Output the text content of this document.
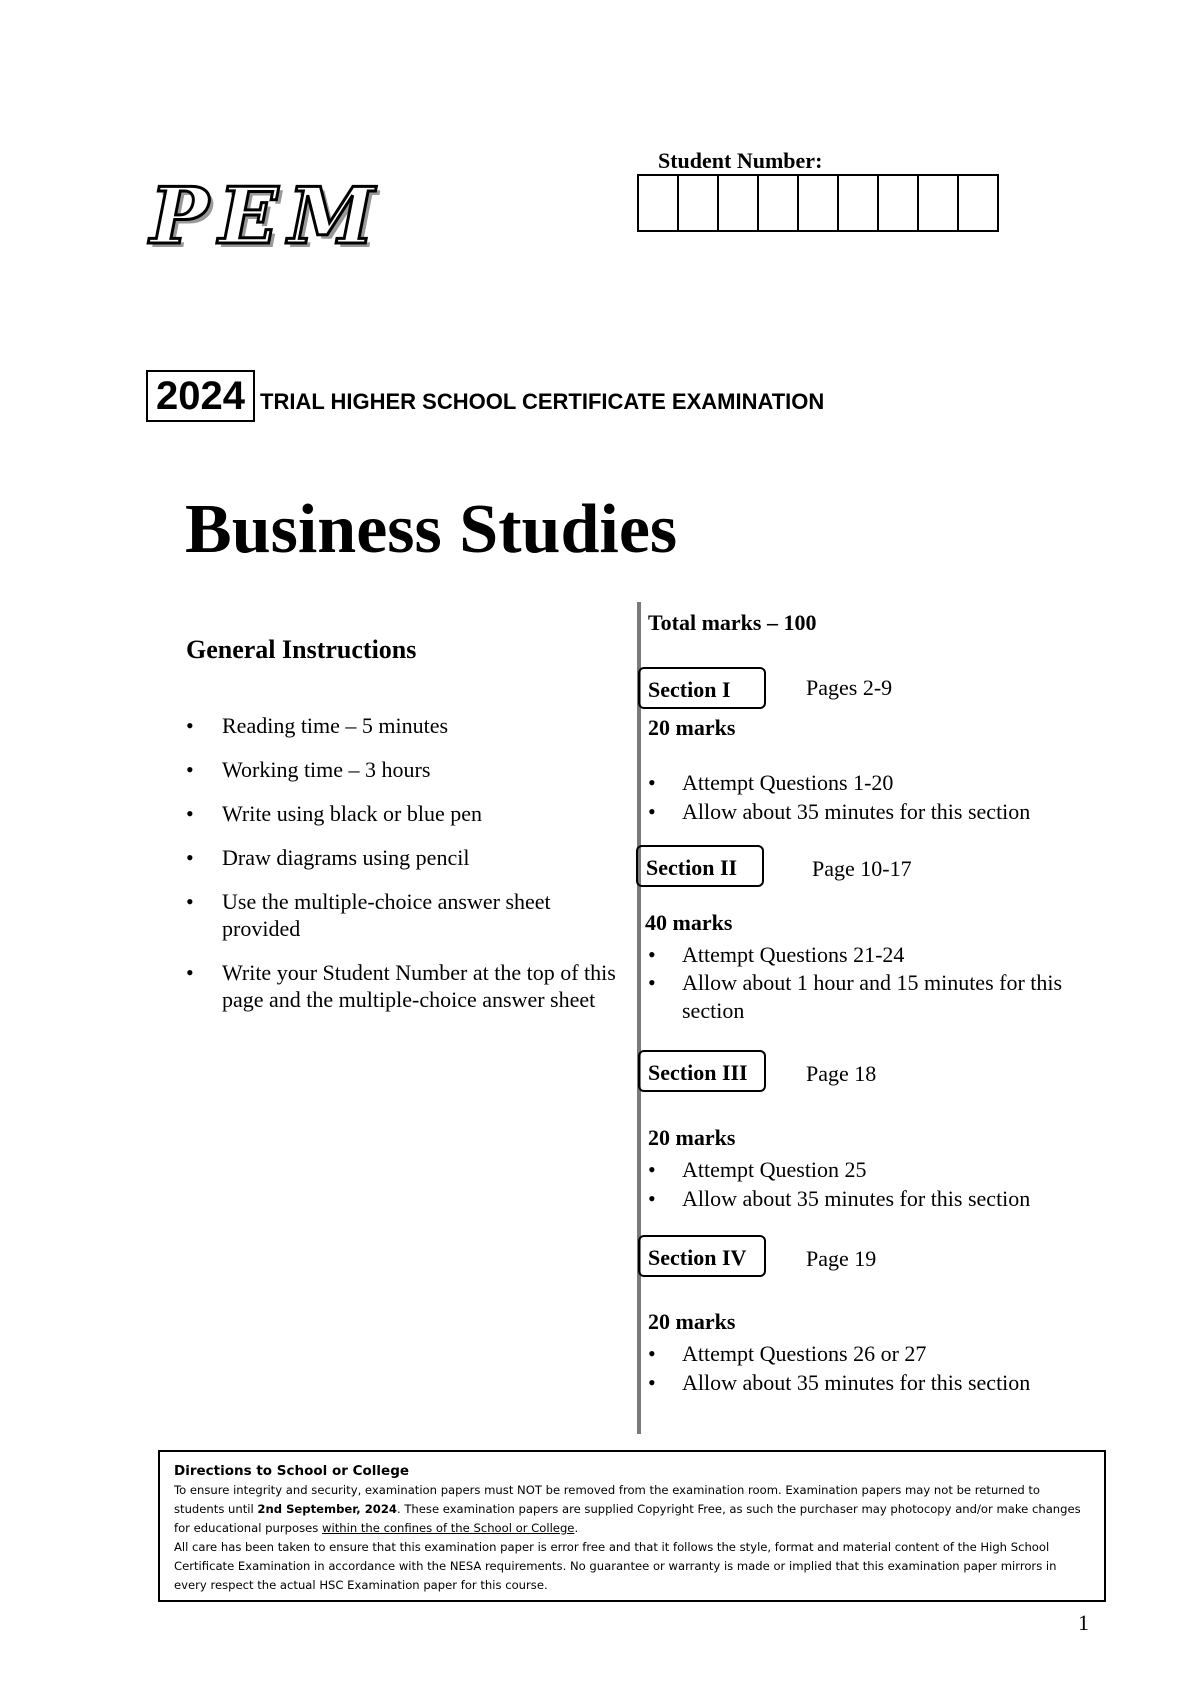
PEM
Student Number:
2024 TRIAL HIGHER SCHOOL CERTIFICATE EXAMINATION
Business Studies
General Instructions
• Reading time – 5 minutes
• Working time – 3 hours
• Write using black or blue pen
• Draw diagrams using pencil
• Use the multiple-choice answer sheet provided
• Write your Student Number at the top of this page and the multiple-choice answer sheet
Total marks – 100
Section I	Pages 2-9
20 marks
• Attempt Questions 1-20
• Allow about 35 minutes for this section
Section II	Page 10-17
40 marks
• Attempt Questions 21-24
• Allow about 1 hour and 15 minutes for this section
Section III	Page 18
20 marks
• Attempt Question 25
• Allow about 35 minutes for this section
Section IV	Page 19
20 marks
• Attempt Questions 26 or 27
• Allow about 35 minutes for this section
Directions to School or College
To ensure integrity and security, examination papers must NOT be removed from the examination room. Examination papers may not be returned to students until 2nd September, 2024. These examination papers are supplied Copyright Free, as such the purchaser may photocopy and/or make changes for educational purposes within the confines of the School or College.
All care has been taken to ensure that this examination paper is error free and that it follows the style, format and material content of the High School Certificate Examination in accordance with the NESA requirements. No guarantee or warranty is made or implied that this examination paper mirrors in every respect the actual HSC Examination paper for this course.
1
